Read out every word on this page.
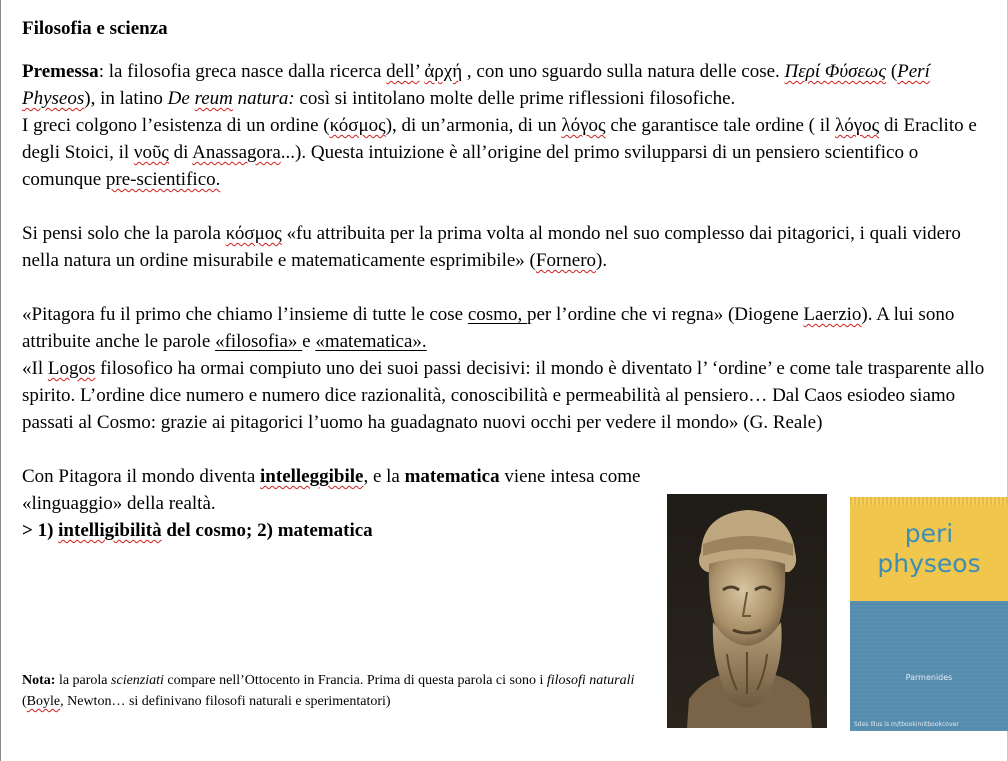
Filosofia e scienza

Premessa: la filosofia greca nasce dalla ricerca dell’ ἀρχή , con uno sguardo sulla natura delle cose. Περί Φύσεως (Perí Physeos), in latino De reum natura: così si intitolano molte delle prime riflessioni filosofiche.

I greci colgono l’esistenza di un ordine (κόσμος), di un’armonia, di un λόγος che garantisce tale ordine ( il λόγος di Eraclito e degli Stoici, il νοῦς di Anassagora...). Questa intuizione è all’origine del primo svilupparsi di un pensiero scientifico o comunque pre-scientifico.

Si pensi solo che la parola κόσμος «fu attribuita per la prima volta al mondo nel suo complesso dai pitagorici, i quali videro nella natura un ordine misurabile e matematicamente esprimibile» (Fornero).

«Pitagora fu il primo che chiamo l’insieme di tutte le cose cosmo, per l’ordine che vi regna» (Diogene Laerzio). A lui sono attribuite anche le parole «filosofia» e «matematica».

«Il Logos filosofico ha ormai compiuto uno dei suoi passi decisivi: il mondo è diventato l’ ‘ordine’ e come tale trasparente allo spirito. L’ordine dice numero e numero dice razionalità, conoscibilità e permeabilità al pensiero… Dal Caos esiodeo siamo passati al Cosmo: grazie ai pitagorici l’uomo ha guadagnato nuovi occhi per vedere il mondo» (G. Reale)

Con Pitagora il mondo diventa intelleggibile, e la matematica viene intesa come «linguaggio» della realtà.

> 1) intelligibilità del cosmo; 2) matematica

Nota: la parola scienziati compare nell’Ottocento in Francia. Prima di questa parola ci sono i filosofi naturali (Boyle, Newton… si definivano filosofi naturali e sperimentatori)

peri
physeos
Parmenides
Sdes Illus is m/tbookimitbookcover
